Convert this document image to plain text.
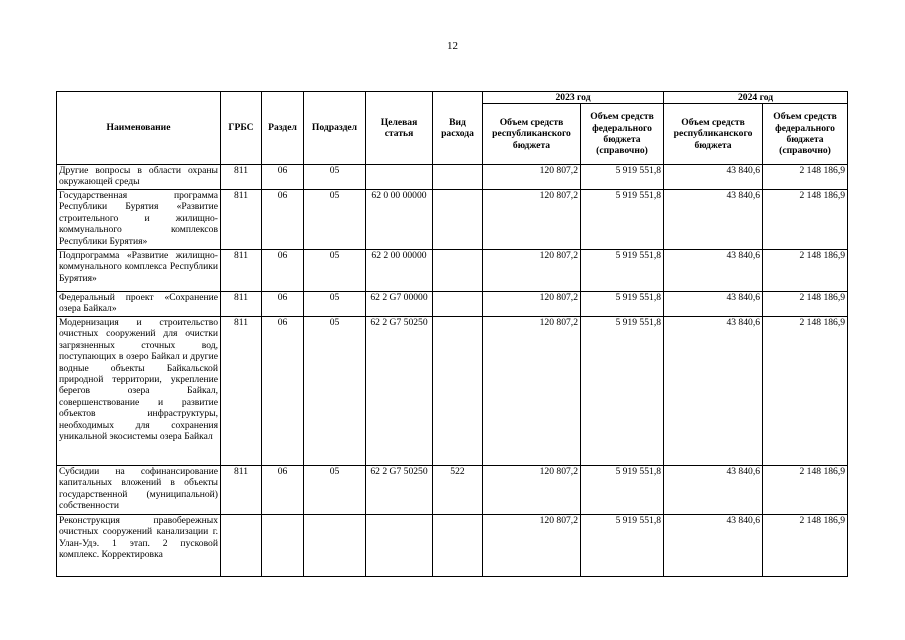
12
Наименование	ГРБС	Раздел	Подраздел	Целевая статья	Вид расхода	2023 год		2024 год	
						Объем средств республиканского бюджета	Объем средств федерального бюджета (справочно)	Объем средств республиканского бюджета	Объем средств федерального бюджета (справочно)
Другие вопросы в области охраны окружающей среды	811	06	05			120 807,2	5 919 551,8	43 840,6	2 148 186,9
Государственная программа Республики Бурятия «Развитие строительного и жилищно-коммунального комплексов Республики Бурятия»	811	06	05	62 0 00 00000		120 807,2	5 919 551,8	43 840,6	2 148 186,9
Подпрограмма «Развитие жилищно-коммунального комплекса Республики Бурятия»	811	06	05	62 2 00 00000		120 807,2	5 919 551,8	43 840,6	2 148 186,9
Федеральный проект «Сохранение озера Байкал»	811	06	05	62 2 G7 00000		120 807,2	5 919 551,8	43 840,6	2 148 186,9
Модернизация и строительство очистных сооружений для очистки загрязненных сточных вод, поступающих в озеро Байкал и другие водные объекты Байкальской природной территории, укрепление берегов озера Байкал, совершенствование и развитие объектов инфраструктуры, необходимых для сохранения уникальной экосистемы озера Байкал	811	06	05	62 2 G7 50250		120 807,2	5 919 551,8	43 840,6	2 148 186,9
Субсидии на софинансирование капитальных вложений в объекты государственной (муниципальной) собственности	811	06	05	62 2 G7 50250	522	120 807,2	5 919 551,8	43 840,6	2 148 186,9
Реконструкция правобережных очистных сооружений канализации г. Улан-Удэ. 1 этап. 2 пусковой комплекс. Корректировка						120 807,2	5 919 551,8	43 840,6	2 148 186,9
